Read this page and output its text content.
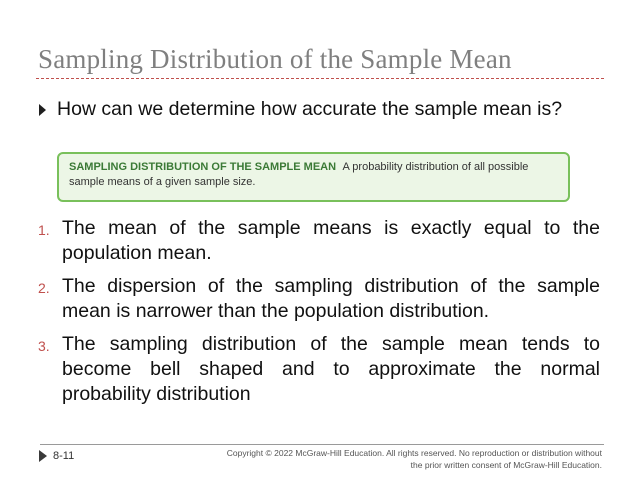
Sampling Distribution of the Sample Mean
How can we determine how accurate the sample mean is?
SAMPLING DISTRIBUTION OF THE SAMPLE MEAN A probability distribution of all possible sample means of a given sample size.
1. The mean of the sample means is exactly equal to the population mean.
2. The dispersion of the sampling distribution of the sample mean is narrower than the population distribution.
3. The sampling distribution of the sample mean tends to become bell shaped and to approximate the normal probability distribution
8-11	Copyright © 2022 McGraw-Hill Education. All rights reserved. No reproduction or distribution without
the prior written consent of McGraw-Hill Education.
